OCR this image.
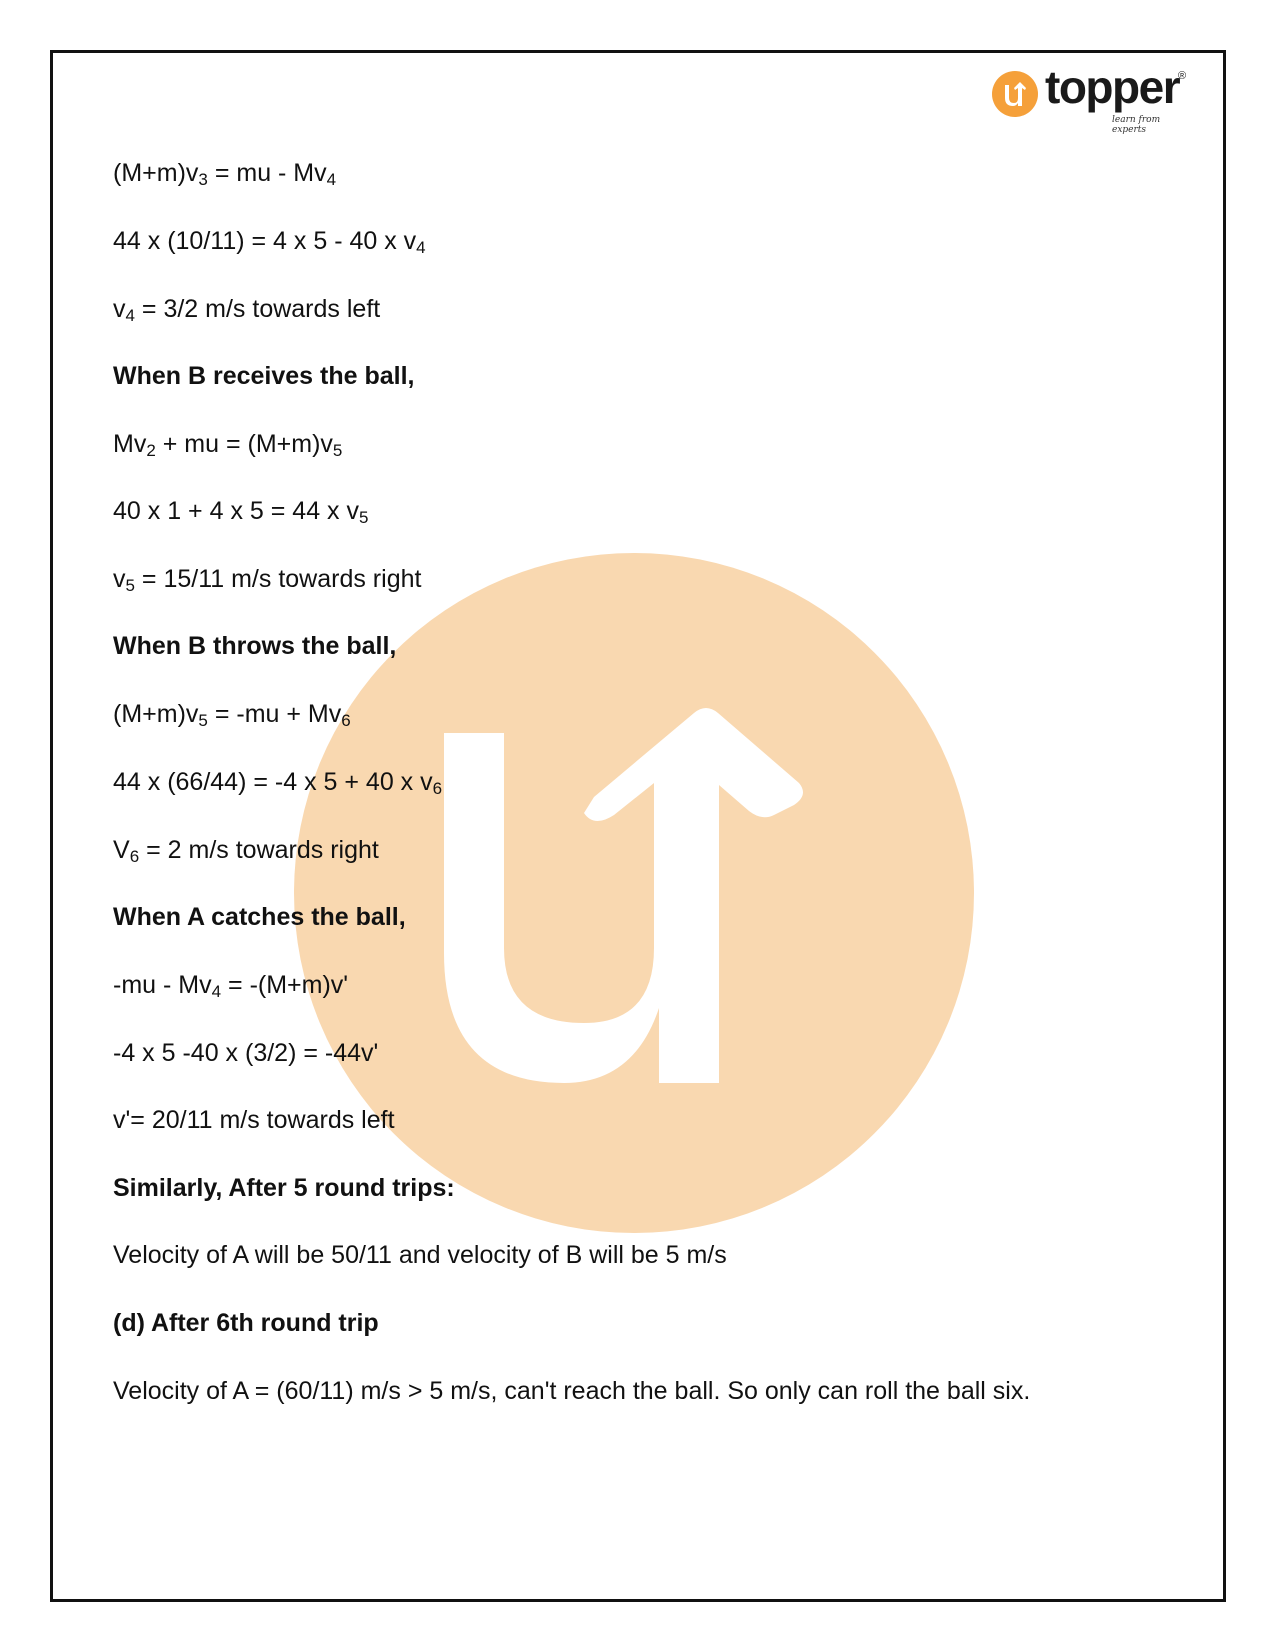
topper
®
learn from experts
$(M+m)v_3$ = mu - $Mv_4$
44 x (10/11) = 4 x 5 - 40 x $v_4$
$v_4 = 3/2$ m/s towards left
When B receives the ball,
$Mv_2$ + mu = $(M+m)v_5$
40 x 1 + 4 x 5 = 44 x $v_5$
$v_5 = 15/11$ m/s towards right
When B throws the ball,
$(M+m)v_5 = -mu + Mv_6$
44 x (66/44) = -4 x 5 + 40 x $v_6$
$V_6 = 2$ m/s towards right
When A catches the ball,
$-mu - Mv_4 = -(M+m)v'$
-4 x 5 -40 x (3/2) = -44v'
v'= 20/11 m/s towards left
Similarly, After 5 round trips:
Velocity of A will be 50/11 and velocity of B will be 5 m/s
(d) After 6th round trip
Velocity of A = (60/11) m/s > 5 m/s, can't reach the ball. So only can roll the ball six.
